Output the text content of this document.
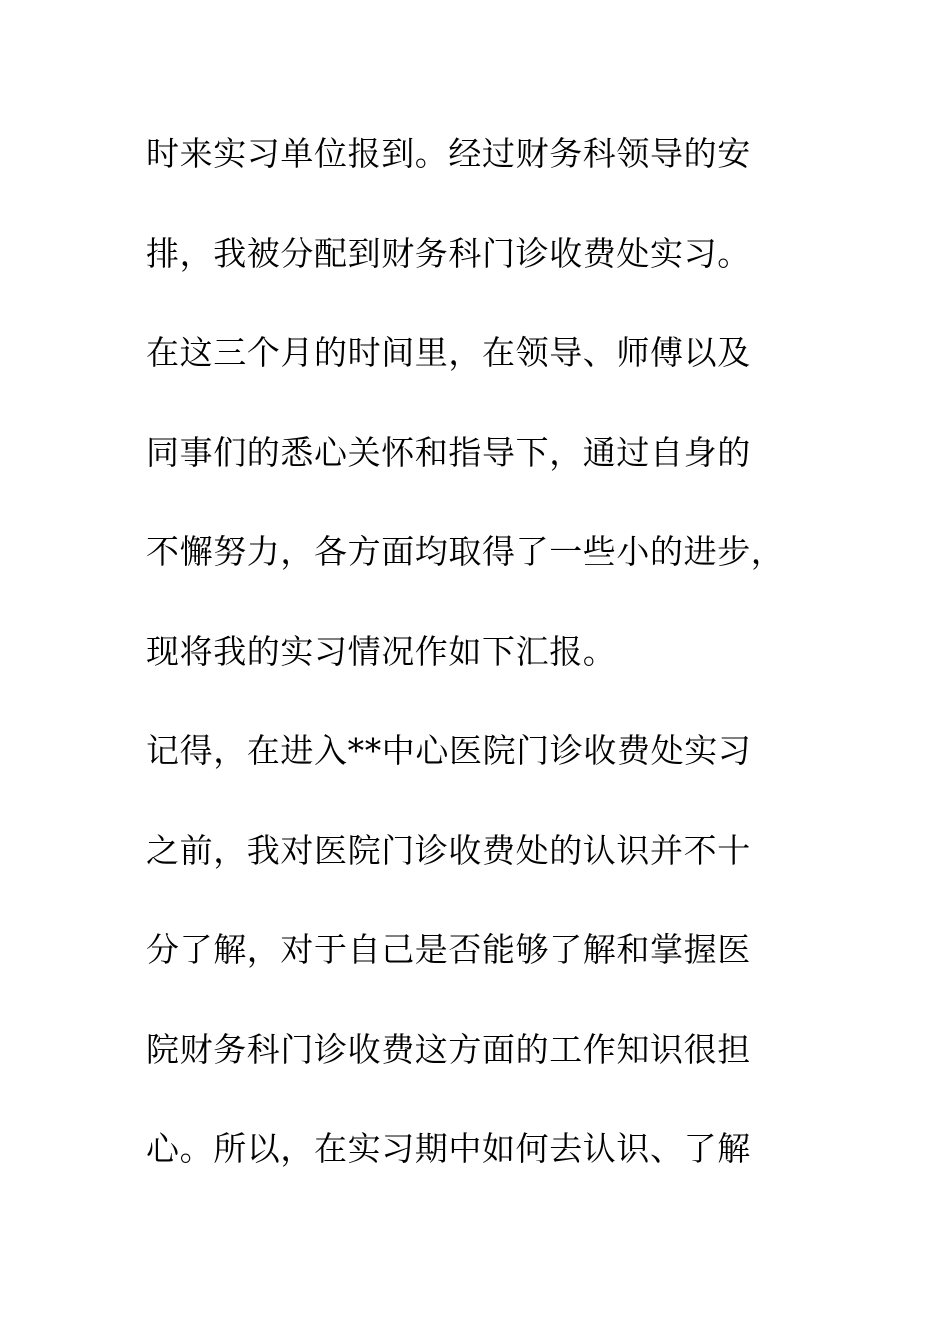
时来实习单位报到。经过财务科领导的安
排，我被分配到财务科门诊收费处实习。
在这三个月的时间里，在领导、师傅以及
同事们的悉心关怀和指导下，通过自身的
不懈努力，各方面均取得了一些小的进步，
现将我的实习情况作如下汇报。
记得，在进入**中心医院门诊收费处实习
之前，我对医院门诊收费处的认识并不十
分了解，对于自己是否能够了解和掌握医
院财务科门诊收费这方面的工作知识很担
心。所以，在实习期中如何去认识、了解
